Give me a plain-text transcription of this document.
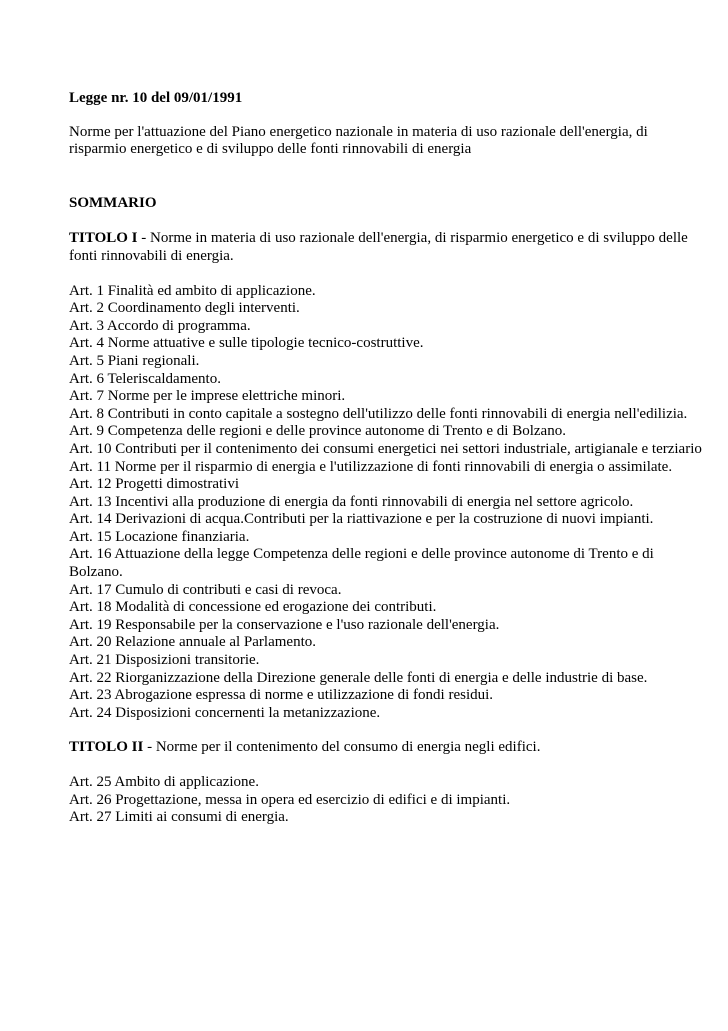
Legge nr. 10 del 09/01/1991
Norme per l'attuazione del Piano energetico nazionale in materia di uso razionale dell'energia, di risparmio energetico e di sviluppo delle fonti rinnovabili di energia
SOMMARIO
TITOLO I - Norme in materia di uso razionale dell'energia, di risparmio energetico e di sviluppo delle fonti rinnovabili di energia.
Art. 1 Finalità ed ambito di applicazione.
Art. 2 Coordinamento degli interventi.
Art. 3 Accordo di programma.
Art. 4 Norme attuative e sulle tipologie tecnico-costruttive.
Art. 5 Piani regionali.
Art. 6 Teleriscaldamento.
Art. 7 Norme per le imprese elettriche minori.
Art. 8 Contributi in conto capitale a sostegno dell'utilizzo delle fonti rinnovabili di energia nell'edilizia.
Art. 9 Competenza delle regioni e delle province autonome di Trento e di Bolzano.
Art. 10 Contributi per il contenimento dei consumi energetici nei settori industriale, artigianale e terziario
Art. 11 Norme per il risparmio di energia e l'utilizzazione di fonti rinnovabili di energia o assimilate.
Art. 12 Progetti dimostrativi
Art. 13 Incentivi alla produzione di energia da fonti rinnovabili di energia nel settore agricolo.
Art. 14 Derivazioni di acqua.Contributi per la riattivazione e per la costruzione di nuovi impianti.
Art. 15 Locazione finanziaria.
Art. 16 Attuazione della legge Competenza delle regioni e delle province autonome di Trento e di Bolzano.
Art. 17 Cumulo di contributi e casi di revoca.
Art. 18 Modalità di concessione ed erogazione dei contributi.
Art. 19 Responsabile per la conservazione e l'uso razionale dell'energia.
Art. 20 Relazione annuale al Parlamento.
Art. 21 Disposizioni transitorie.
Art. 22 Riorganizzazione della Direzione generale delle fonti di energia e delle industrie di base.
Art. 23 Abrogazione espressa di norme e utilizzazione di fondi residui.
Art. 24 Disposizioni concernenti la metanizzazione.
TITOLO II - Norme per il contenimento del consumo di energia negli edifici.
Art. 25 Ambito di applicazione.
Art. 26 Progettazione, messa in opera ed esercizio di edifici e di impianti.
Art. 27 Limiti ai consumi di energia.
